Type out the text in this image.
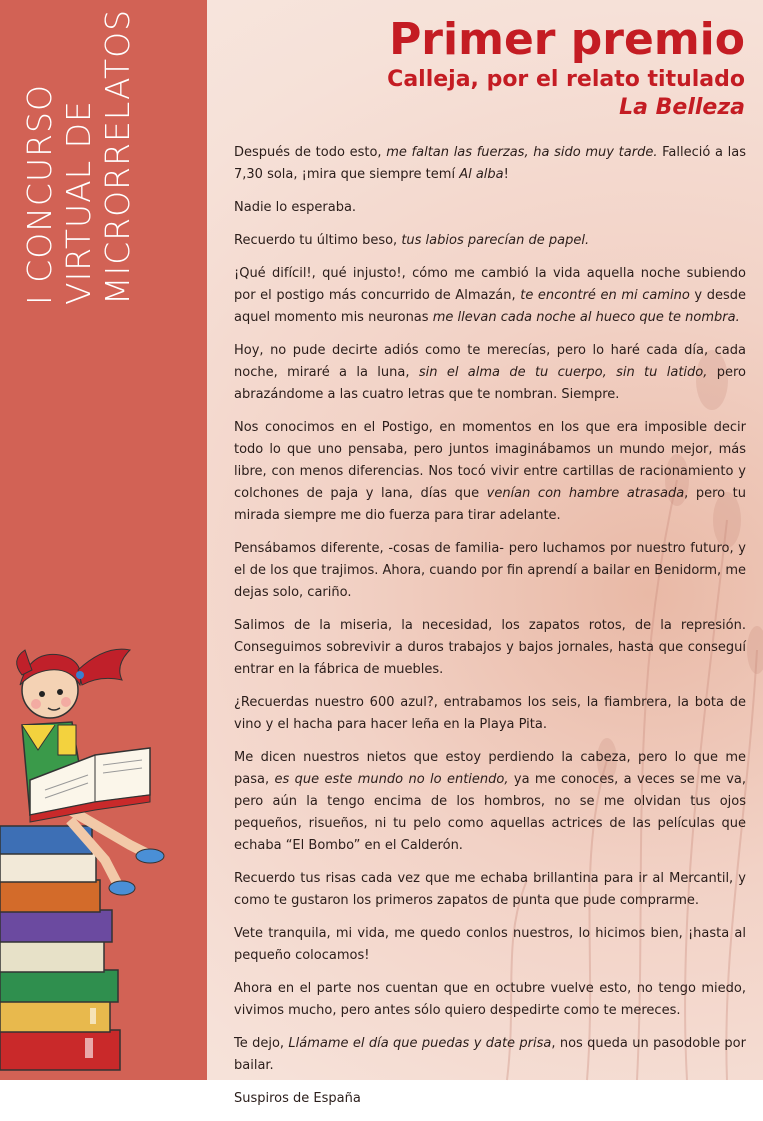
I CONCURSO VIRTUAL DE MICRORRELATOS	Primer premio
Calleja, por el relato titulado
La Belleza

Después de todo esto, me faltan las fuerzas, ha sido muy tarde. Falleció a las 7,30 sola, ¡mira que siempre temí Al alba!

Nadie lo esperaba.

Recuerdo tu último beso, tus labios parecían de papel.

¡Qué difícil!, qué injusto!, cómo me cambió la vida aquella noche subiendo por el postigo más concurrido de Almazán, te encontré en mi camino y desde aquel momento mis neuronas me llevan cada noche al hueco que te nombra.

Hoy, no pude decirte adiós como te merecías, pero lo haré cada día, cada noche, miraré a la luna, sin el alma de tu cuerpo, sin tu latido, pero abrazándome a las cuatro letras que te nombran. Siempre.

Nos conocimos en el Postigo, en momentos en los que era imposible decir todo lo que uno pensaba, pero juntos imaginábamos un mundo mejor, más libre, con menos diferencias. Nos tocó vivir entre cartillas de racionamiento y colchones de paja y lana, días que venían con hambre atrasada, pero tu mirada siempre me dio fuerza para tirar adelante.

Pensábamos diferente, -cosas de familia- pero luchamos por nuestro futuro, y el de los que trajimos. Ahora, cuando por fin aprendí a bailar en Benidorm, me dejas solo, cariño.

Salimos de la miseria, la necesidad, los zapatos rotos, de la represión. Conseguimos sobrevivir a duros trabajos y bajos jornales, hasta que conseguí entrar en la fábrica de muebles.

¿Recuerdas nuestro 600 azul?, entrabamos los seis, la fiambrera, la bota de vino y el hacha para hacer leña en la Playa Pita.

Me dicen nuestros nietos que estoy perdiendo la cabeza, pero lo que me pasa, es que este mundo no lo entiendo, ya me conoces, a veces se me va, pero aún la tengo encima de los hombros, no se me olvidan tus ojos pequeños, risueños, ni tu pelo como aquellas actrices de las películas que echaba “El Bombo” en el Calderón.

Recuerdo tus risas cada vez que me echaba brillantina para ir al Mercantil, y como te gustaron los primeros zapatos de punta que pude comprarme.

Vete tranquila, mi vida, me quedo conlos nuestros, lo hicimos bien, ¡hasta al pequeño colocamos!

Ahora en el parte nos cuentan que en octubre vuelve esto, no tengo miedo, vivimos mucho, pero antes sólo quiero despedirte como te mereces.

Te dejo, Llámame el día que puedas y date prisa, nos queda un pasodoble por bailar.

Suspiros de España
